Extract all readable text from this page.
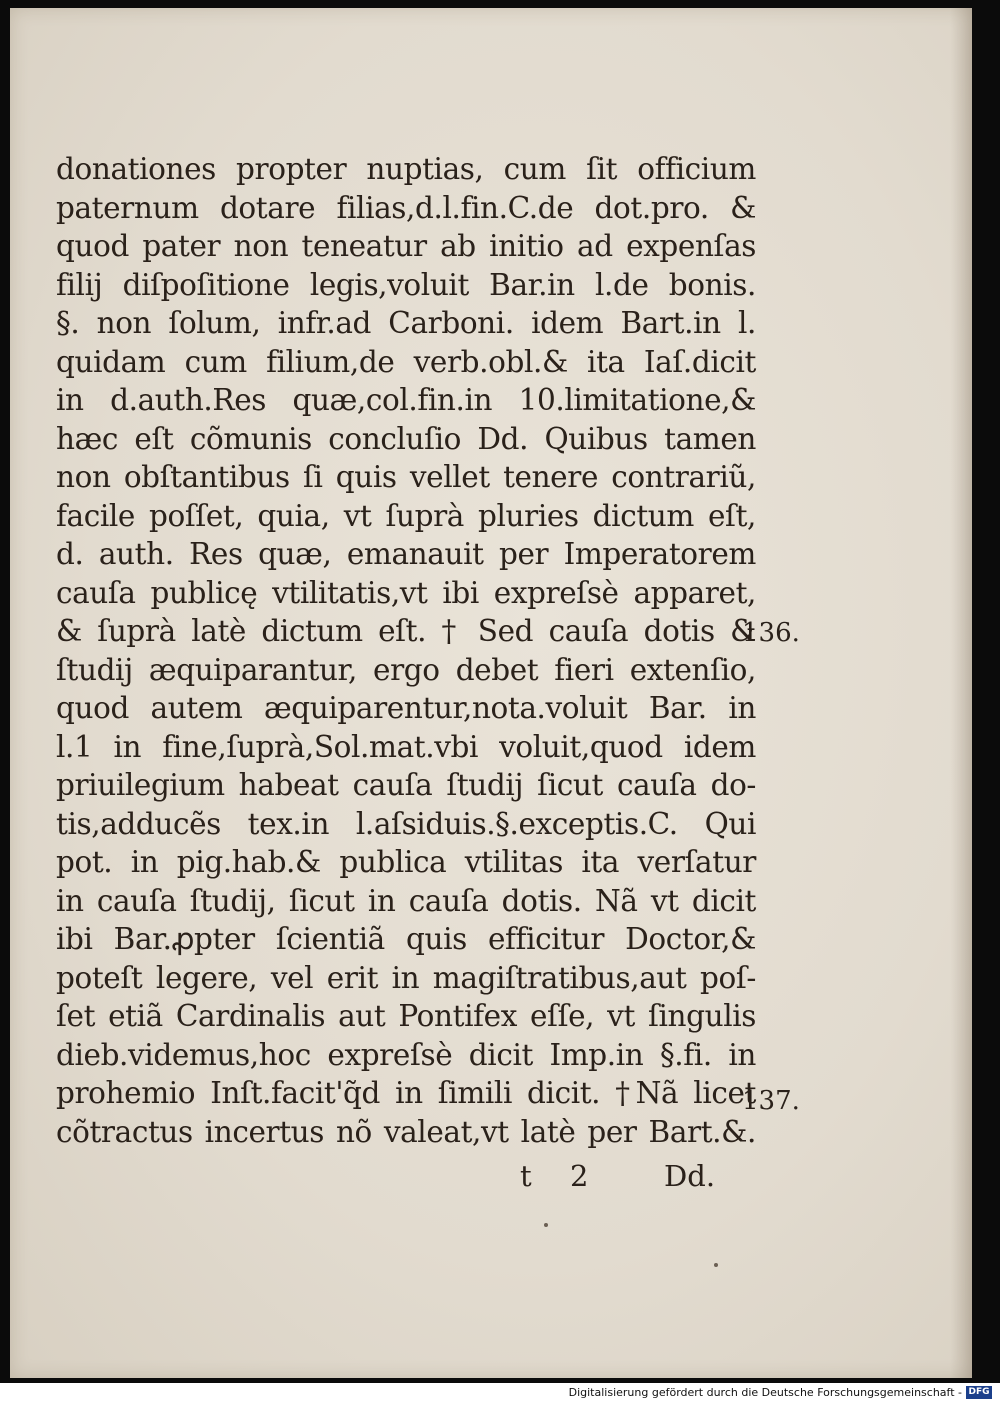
donationes propter nuptias, cum ſit officium
paternum dotare filias,d.l.fin.C.de dot.pro. &
quod pater non teneatur ab initio ad expenſas
filij diſpoſitione legis,voluit Bar.in l.de bonis.
§. non ſolum, infr.ad Carboni. idem Bart.in l.
quidam cum filium,de verb.obl.& ita Iaſ.dicit
in d.auth.Res quæ,col.fin.in 10.limitatione,&
hæc eſt cõmunis concluſio Dd. Quibus tamen
non obſtantibus ſi quis vellet tenere contrariũ,
facile poſſet, quia, vt ſuprà pluries dictum eſt,
d. auth. Res quæ, emanauit per Imperatorem
cauſa publicę vtilitatis,vt ibi expreſsè apparet,
& ſuprà latè dictum eſt. † Sed cauſa dotis &
ſtudij æquiparantur, ergo debet fieri extenſio,
quod autem æquiparentur,nota.voluit Bar. in
l.1 in fine,ſuprà,Sol.mat.vbi voluit,quod idem
priuilegium habeat cauſa ſtudij ſicut cauſa do-
tis,adducẽs tex.in l.aſsiduis.§.exceptis.C. Qui
pot. in pig.hab.& publica vtilitas ita verſatur
in cauſa ſtudij, ſicut in cauſa dotis. Nã vt dicit
ibi Bar.ꝓpter ſcientiã quis efficitur Doctor,&
poteſt legere, vel erit in magiſtratibus,aut poſ-
ſet etiã Cardinalis aut Pontifex eſſe, vt ſingulis
dieb.videmus,hoc expreſsè dicit Imp.in §.fi. in
prohemio Inſt.facit'q̃d in ſimili dicit. †Nã licet
cõtractus incertus nõ valeat,vt latè per Bart.&.
136.
137.
t 2	Dd.
Digitalisierung gefördert durch die Deutsche Forschungsgemeinschaft - DFG
